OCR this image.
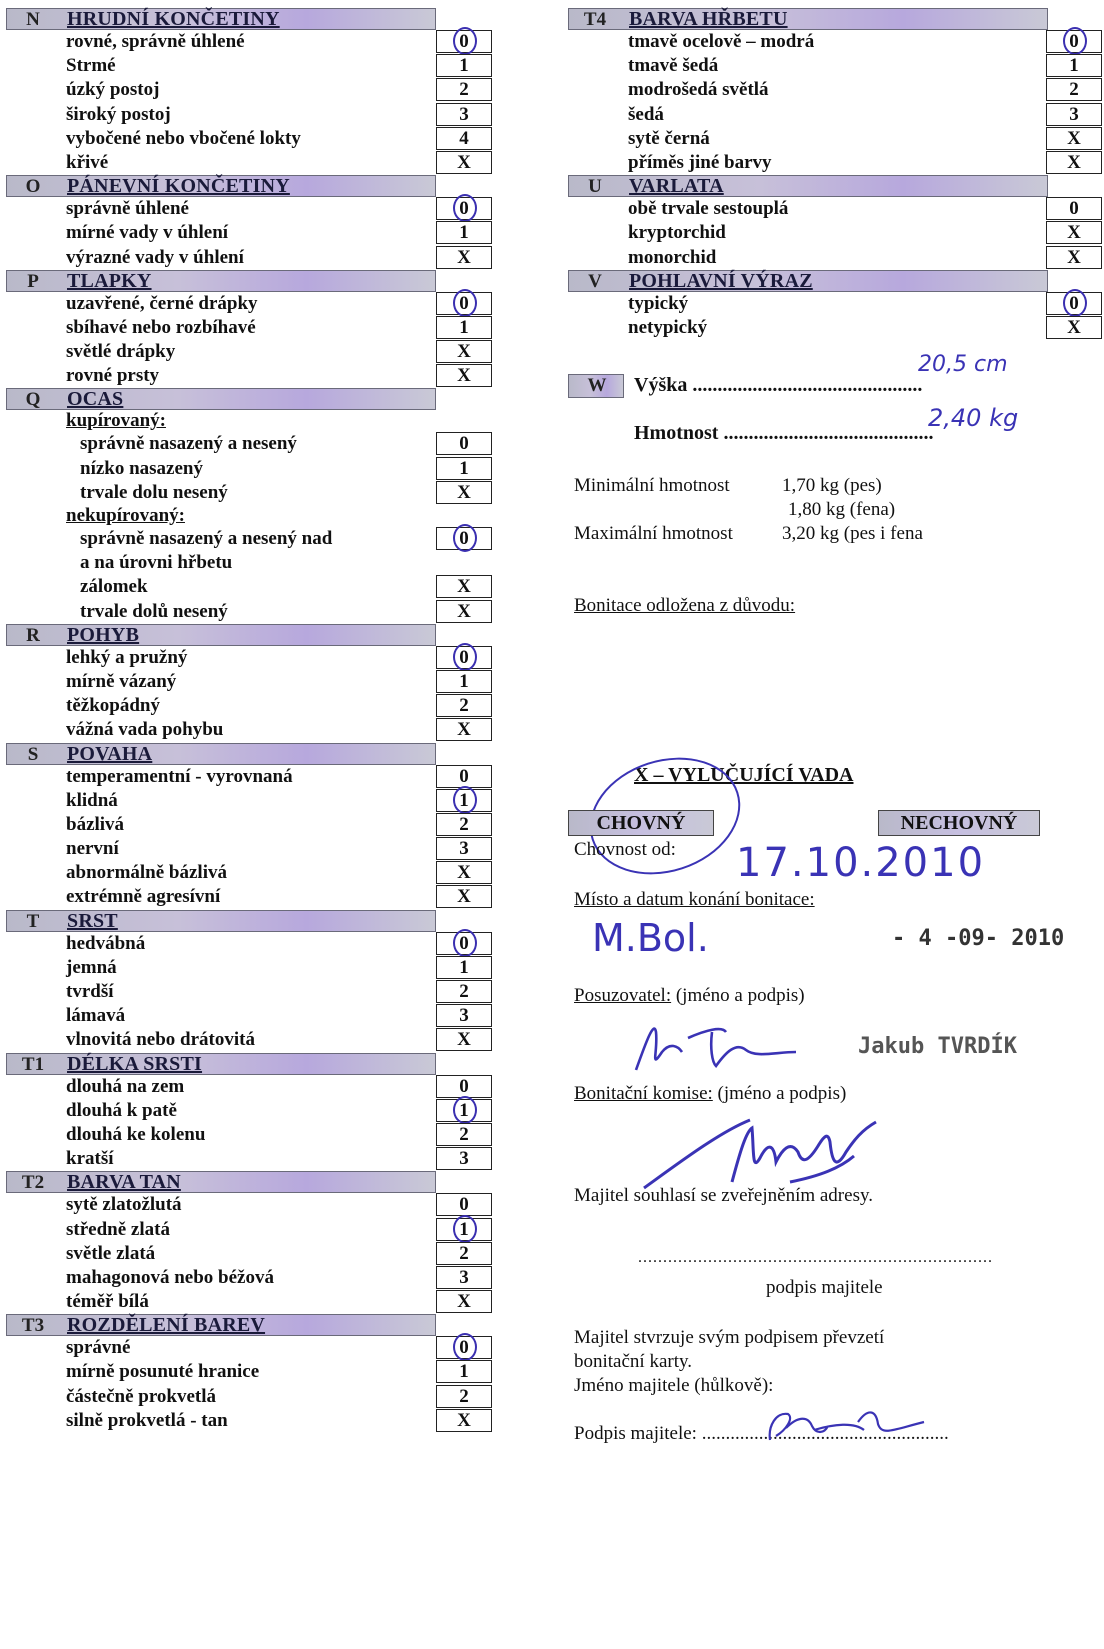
N	HRUDNÍ KONČETINY
rovné, správně úhlené	0
Strmé	1
úzký postoj	2
široký postoj	3
vybočené nebo vbočené lokty	4
křivé	X
O	PÁNEVNÍ KONČETINY
správně úhlené	0
mírné vady v úhlení	1
výrazné vady v úhlení	X
P	TLAPKY
uzavřené, černé drápky	0
sbíhavé nebo rozbíhavé	1
světlé drápky	X
rovné prsty	X
Q	OCAS
kupírovaný:
správně nasazený a nesený	0
nízko nasazený	1
trvale dolu nesený	X
nekupírovaný:
správně nasazený a nesený nad	0
a na úrovni hřbetu
zálomek	X
trvale dolů nesený	X
R	POHYB
lehký a pružný	0
mírně vázaný	1
těžkopádný	2
vážná vada pohybu	X
S	POVAHA
temperamentní - vyrovnaná	0
klidná	1
bázlivá	2
nervní	3
abnormálně bázlivá	X
extrémně agresívní	X
T	SRST
hedvábná	0
jemná	1
tvrdší	2
lámavá	3
vlnovitá nebo drátovitá	X
T1	DÉLKA SRSTI
dlouhá na zem	0
dlouhá k patě	1
dlouhá ke kolenu	2
kratší	3
T2	BARVA TAN
sytě zlatožlutá	0
středně zlatá	1
světle zlatá	2
mahagonová nebo béžová	3
téměř bílá	X
T3	ROZDĚLENÍ BAREV
správné	0
mírně posunuté hranice	1
částečně prokvetlá	2
silně prokvetlá - tan	X
T4	BARVA HŘBETU
tmavě ocelově – modrá	0
tmavě šedá	1
modrošedá světlá	2
šedá	3
sytě černá	X
příměs jiné barvy	X
U	VARLATA
obě trvale sestouplá	0
kryptorchid	X
monorchid	X
V	POHLAVNÍ VÝRAZ
typický	0
netypický	X
W	Výška ..............................................
20,5 cm
Hmotnost ..........................................
2,40 kg
Minimální hmotnost	1,70 kg (pes)
1,80 kg (fena)
Maximální hmotnost	3,20 kg (pes i fena
Bonitace odložena z důvodu:
X – VYLUČUJÍCÍ VADA
CHOVNÝ	NECHOVNÝ
Chovnost od: 17.10.2010
Místo a datum konání bonitace:
M.Bol.	- 4 -09- 2010
Posuzovatel: (jméno a podpis)
Jakub TVRDÍK
Bonitační komise: (jméno a podpis)
Majitel souhlasí se zveřejněním adresy.
.......................................................................
podpis majitele
Majitel stvrzuje svým podpisem převzetí
bonitační karty.
Jméno majitele (hůlkově):
Podpis majitele: ....................................................
